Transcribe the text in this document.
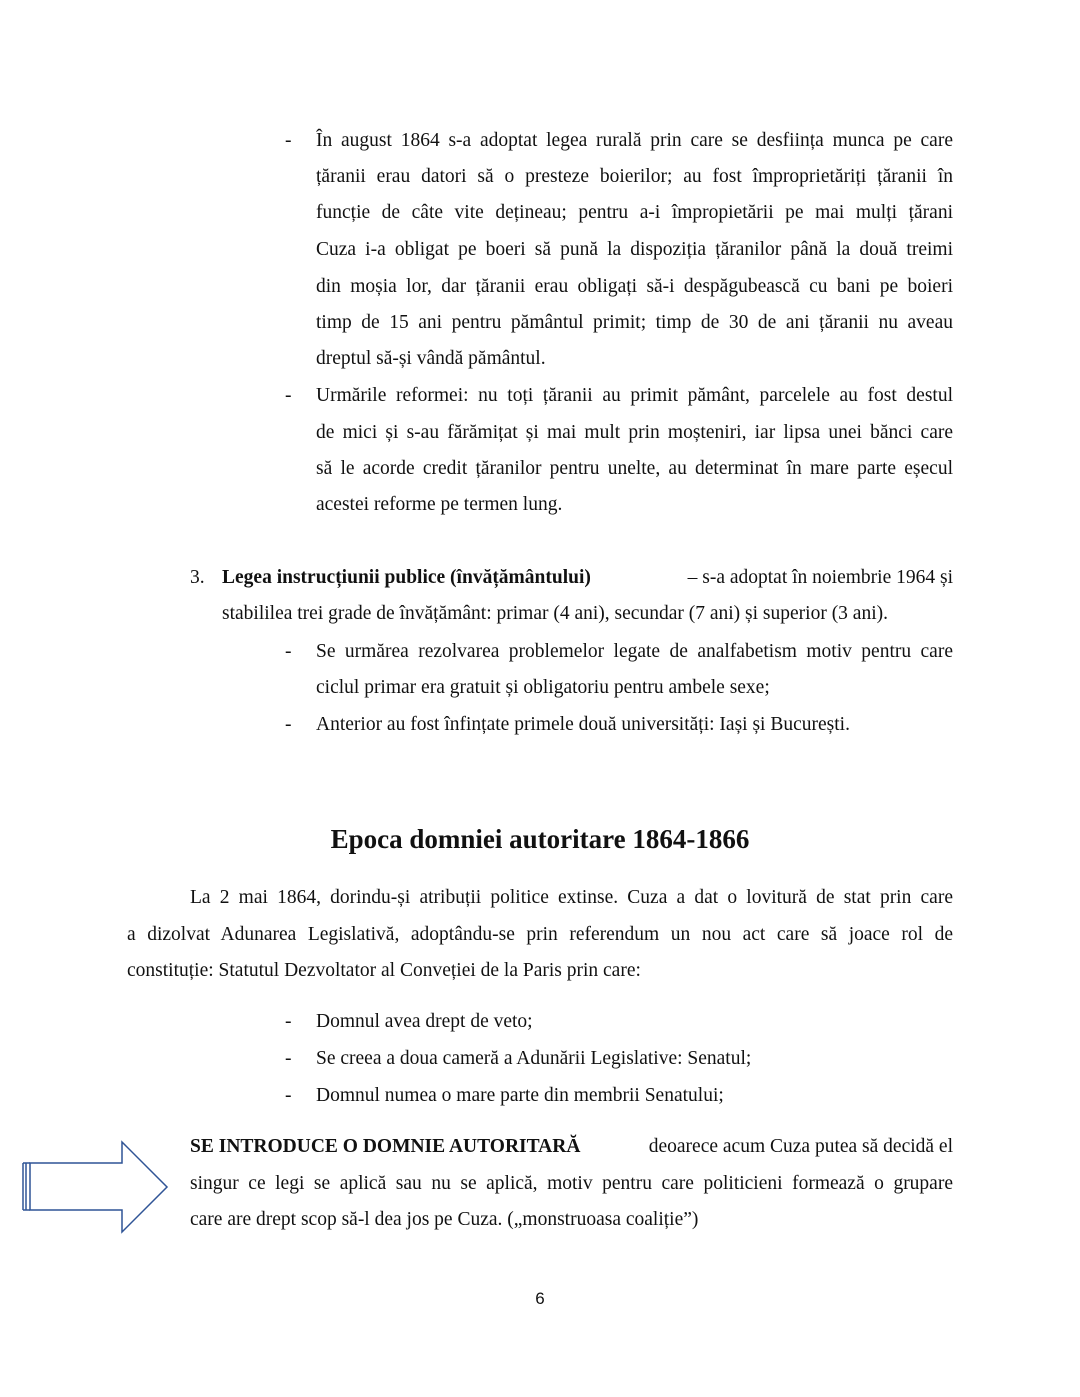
- În august 1864 s-a adoptat legea rurală prin care se desființa munca pe care
țăranii erau datori să o presteze boierilor; au fost împroprietăriți țăranii în
funcție de câte vite dețineau; pentru a-i împropietării pe mai mulți țărani
Cuza i-a obligat pe boeri să pună la dispoziția țăranilor până la două treimi
din moșia lor, dar țăranii erau obligați să-i despăgubească cu bani pe boieri
timp de 15 ani pentru pământul primit; timp de 30 de ani țăranii nu aveau
dreptul să-și vândă pământul.
- Urmările reformei: nu toți țăranii au primit pământ, parcelele au fost destul
de mici și s-au fărămițat și mai mult prin moșteniri, iar lipsa unei bănci care
să le acorde credit țăranilor pentru unelte, au determinat în mare parte eșecul
acestei reforme pe termen lung.
3. Legea instrucțiunii publice (învățământului)	– s-a adoptat în noiembrie 1964 și
stabililea trei grade de învățământ: primar (4 ani), secundar (7 ani) și superior (3 ani).
- Se urmărea rezolvarea problemelor legate de analfabetism motiv pentru care
ciclul primar era gratuit și obligatoriu pentru ambele sexe;
- Anterior au fost înfințate primele două universități: Iași și București.
Epoca domniei autoritare 1864-1866
La 2 mai 1864, dorindu-și atribuții politice extinse. Cuza a dat o lovitură de stat prin care
a dizolvat Adunarea Legislativă, adoptându-se prin referendum un nou act care să joace rol de
constituție: Statutul Dezvoltator al Conveției de la Paris prin care:
- Domnul avea drept de veto;
- Se creea a doua cameră a Adunării Legislative: Senatul;
- Domnul numea o mare parte din membrii Senatului;
SE INTRODUCE O DOMNIE AUTORITARĂ	deoarece acum Cuza putea să decidă el
singur ce legi se aplică sau nu se aplică, motiv pentru care politicieni formează o grupare
care are drept scop să-l dea jos pe Cuza. („monstruoasa coaliție”)
6
